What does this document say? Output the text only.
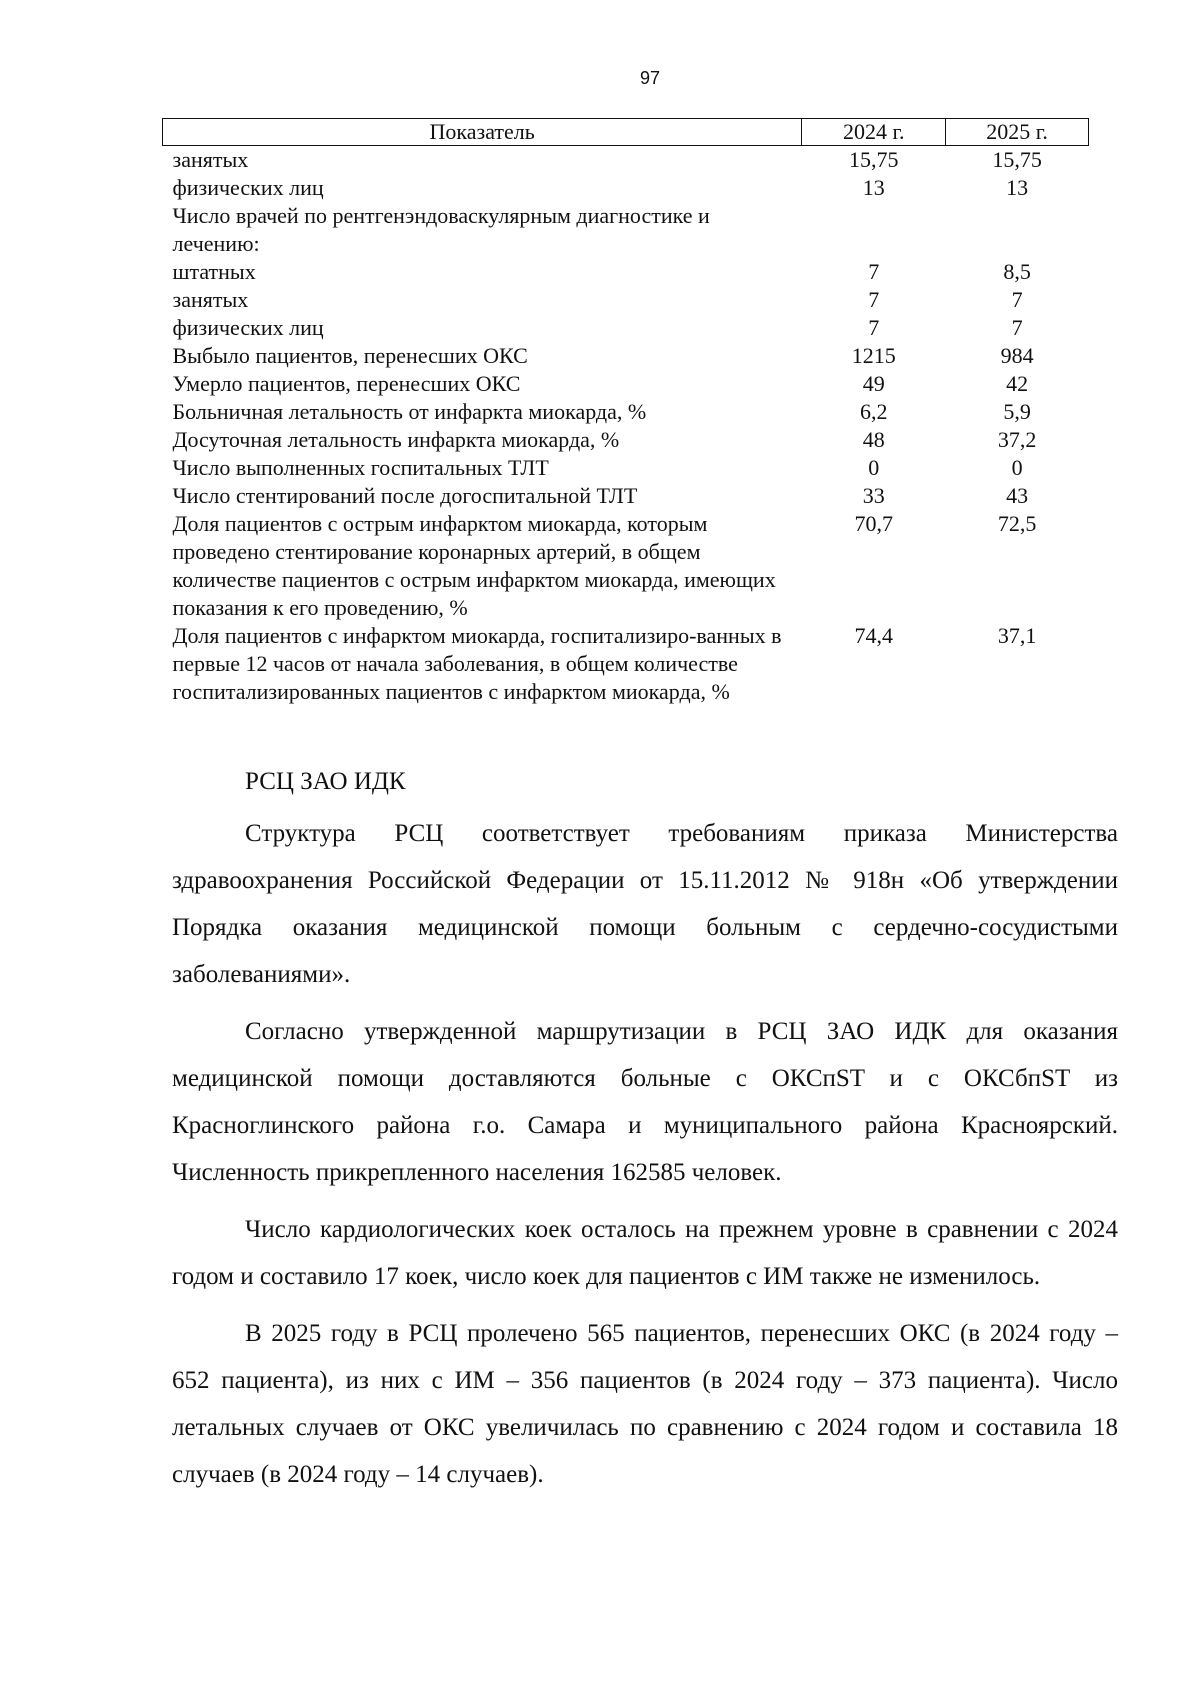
97
Показатель	2024 г.	2025 г.
занятых	15,75	15,75
физических лиц	13	13
Число врачей по рентгенэндоваскулярным диагностике и лечению:		
штатных	7	8,5
занятых	7	7
физических лиц	7	7
Выбыло пациентов, перенесших ОКС	1215	984
Умерло пациентов, перенесших ОКС	49	42
Больничная летальность от инфаркта миокарда, %	6,2	5,9
Досуточная летальность инфаркта миокарда, %	48	37,2
Число выполненных госпитальных ТЛТ	0	0
Число стентирований после догоспитальной ТЛТ	33	43
Доля пациентов с острым инфарктом миокарда, которым проведено стентирование коронарных артерий, в общем количестве пациентов с острым инфарктом миокарда, имеющих показания к его проведению, %	70,7	72,5
Доля пациентов с инфарктом миокарда, госпитализиро-ванных в первые 12 часов от начала заболевания, в общем количестве госпитализированных пациентов с инфарктом миокарда, %	74,4	37,1

РСЦ ЗАО ИДК

Структура РСЦ соответствует требованиям приказа Министерства здравоохранения Российской Федерации от 15.11.2012 № 918н «Об утверждении Порядка оказания медицинской помощи больным с сердечно-сосудистыми заболеваниями».

Согласно утвержденной маршрутизации в РСЦ ЗАО ИДК для оказания медицинской помощи доставляются больные с ОКСпST и с ОКСбпST из Красноглинского района г.о. Самара и муниципального района Красноярский. Численность прикрепленного населения 162585 человек.

Число кардиологических коек осталось на прежнем уровне в сравнении с 2024 годом и составило 17 коек, число коек для пациентов с ИМ также не изменилось.

В 2025 году в РСЦ пролечено 565 пациентов, перенесших ОКС (в 2024 году – 652 пациента), из них с ИМ – 356 пациентов (в 2024 году – 373 пациента). Число летальных случаев от ОКС увеличилась по сравнению с 2024 годом и составила 18 случаев (в 2024 году – 14 случаев).
